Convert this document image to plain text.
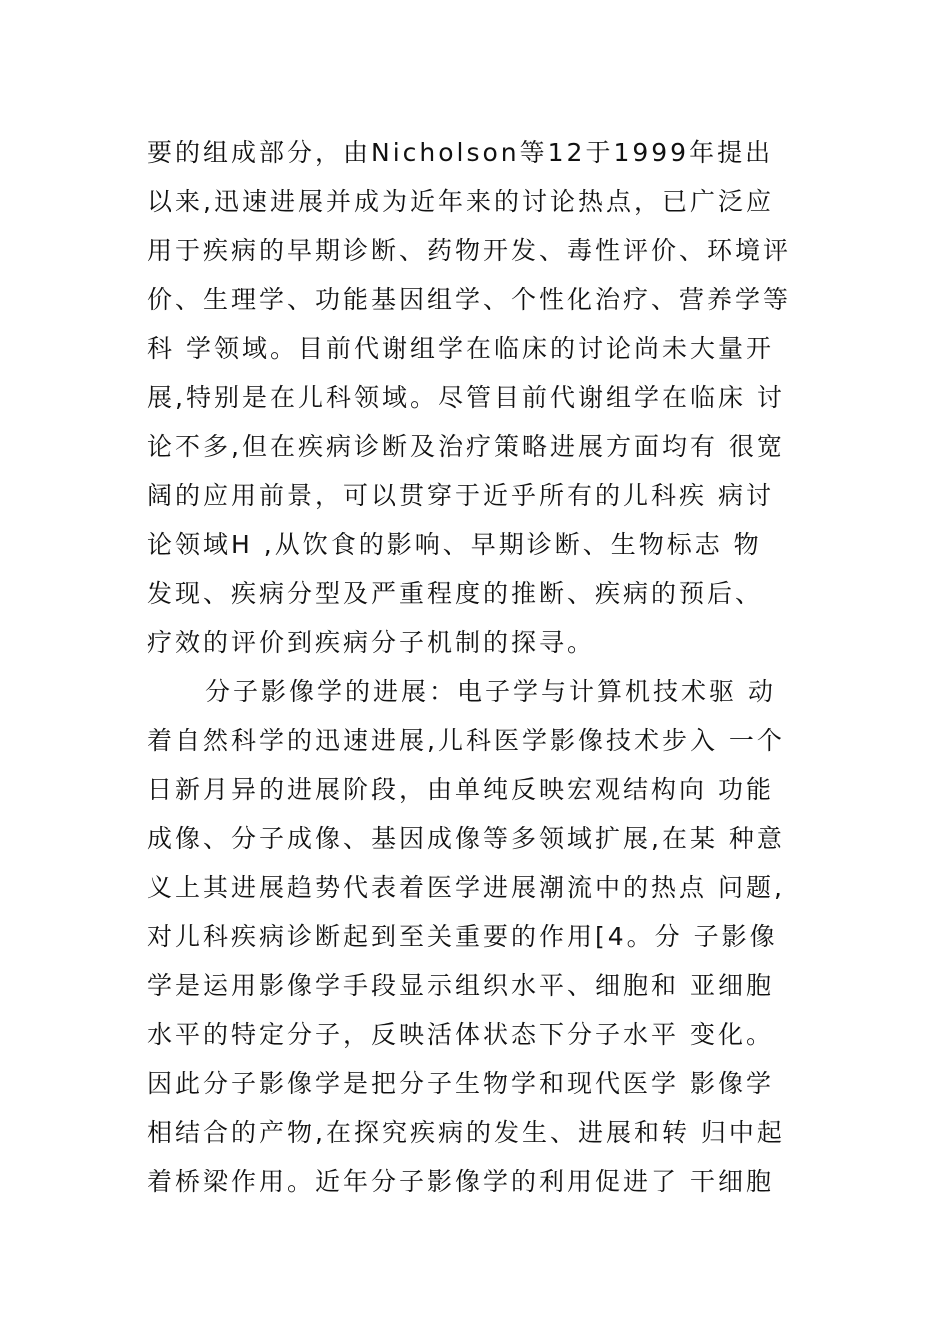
要的组成部分，由Nicholson等12于1999年提出
以来,迅速进展并成为近年来的讨论热点，已广泛应
用于疾病的早期诊断、药物开发、毒性评价、环境评
价、生理学、功能基因组学、个性化治疗、营养学等
科 学领域。目前代谢组学在临床的讨论尚未大量开
展,特别是在儿科领域。尽管目前代谢组学在临床 讨
论不多,但在疾病诊断及治疗策略进展方面均有 很宽
阔的应用前景，可以贯穿于近乎所有的儿科疾 病讨
论领域H ,从饮食的影响、早期诊断、生物标志 物
发现、疾病分型及严重程度的推断、疾病的预后、
疗效的评价到疾病分子机制的探寻。
分子影像学的进展：电子学与计算机技术驱 动
着自然科学的迅速进展,儿科医学影像技术步入 一个
日新月异的进展阶段，由单纯反映宏观结构向 功能
成像、分子成像、基因成像等多领域扩展,在某 种意
义上其进展趋势代表着医学进展潮流中的热点 问题,
对儿科疾病诊断起到至关重要的作用[4。分 子影像
学是运用影像学手段显示组织水平、细胞和 亚细胞
水平的特定分子，反映活体状态下分子水平 变化。
因此分子影像学是把分子生物学和现代医学 影像学
相结合的产物,在探究疾病的发生、进展和转 归中起
着桥梁作用。近年分子影像学的利用促进了 干细胞
